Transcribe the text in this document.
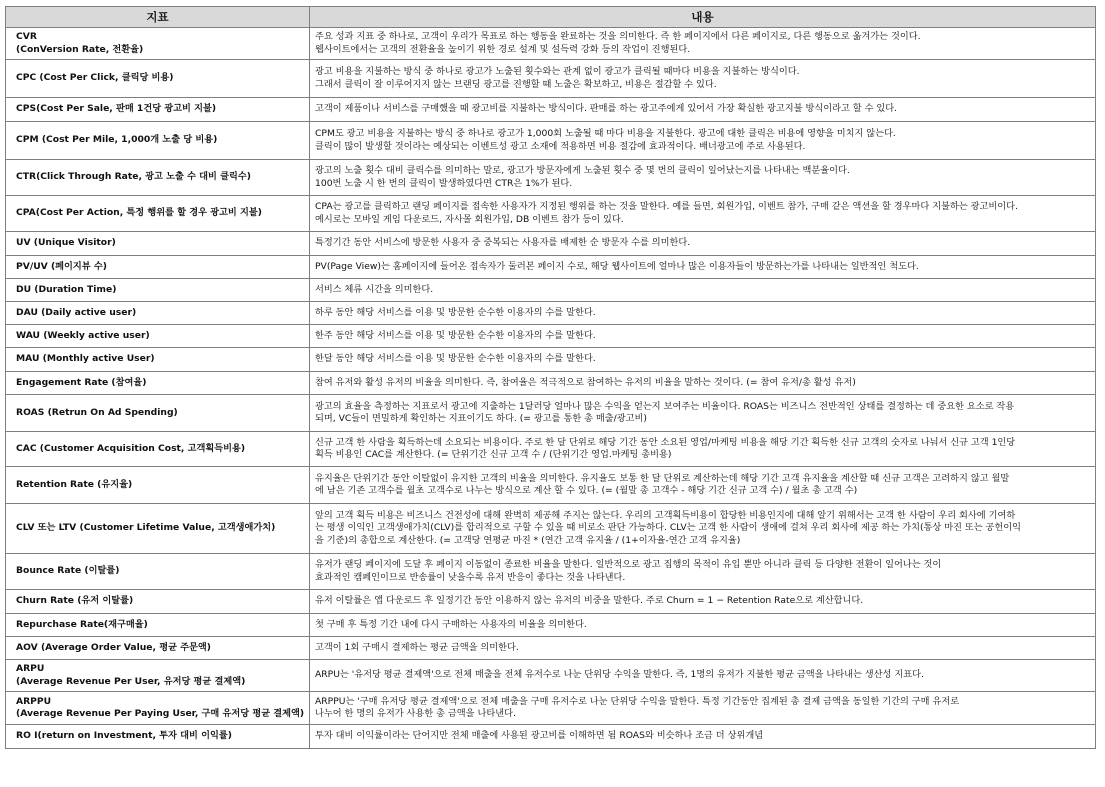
지표	내용

CVR
(ConVersion Rate, 전환율)	주요 성과 지표 중 하나로, 고객이 우리가 목표로 하는 행동을 완료하는 것을 의미한다. 즉 한 페이지에서 다른 페이지로, 다른 행동으로 옮겨가는 것이다.
웹사이트에서는 고객의 전환율을 높이기 위한 경로 설계 및 설득력 강화 등의 작업이 진행된다.

CPC (Cost Per Click, 클릭당 비용)	광고 비용을 지불하는 방식 중 하나로 광고가 노출된 횟수와는 관계 없이 광고가 클릭될 때마다 비용을 지불하는 방식이다.
그래서 클릭이 잘 이루어지지 않는 브랜딩 광고를 진행할 때 노출은 확보하고, 비용은 절감할 수 있다.

CPS(Cost Per Sale, 판매 1건당 광고비 지불)	고객이 제품이나 서비스를 구매했을 때 광고비를 지불하는 방식이다. 판매를 하는 광고주에게 있어서 가장 확실한 광고지불 방식이라고 할 수 있다.

CPM (Cost Per Mile, 1,000개 노출 당 비용)	CPM도 광고 비용을 지불하는 방식 중 하나로 광고가 1,000회 노출될 때 마다 비용을 지불한다. 광고에 대한 클릭은 비용에 영향을 미치지 않는다.
클릭이 많이 발생할 것이라는 예상되는 이벤트성 광고 소재에 적용하면 비용 절감에 효과적이다. 배너광고에 주로 사용된다.

CTR(Click Through Rate, 광고 노출 수 대비 클릭수)	광고의 노출 횟수 대비 클릭수를 의미하는 말로, 광고가 방문자에게 노출된 횟수 중 몇 번의 클릭이 일어났는지를 나타내는 백분율이다.
100번 노출 시 한 번의 클릭이 발생하였다면 CTR은 1%가 된다.

CPA(Cost Per Action, 특정 행위를 할 경우 광고비 지불)	CPA는 광고를 클릭하고 랜딩 페이지를 접속한 사용자가 지정된 행위를 하는 것을 말한다. 예를 들면, 회원가입, 이벤트 참가, 구매 같은 액션을 할 경우마다 지불하는 광고비이다.
예시로는 모바일 게임 다운로드, 자사몰 회원가입, DB 이벤트 참가 등이 있다.

UV (Unique Visitor)	특정기간 동안 서비스에 방문한 사용자 중 중복되는 사용자를 배제한 순 방문자 수를 의미한다.

PV/UV (페이지뷰 수)	PV(Page View)는 홈페이지에 들어온 접속자가 둘러본 페이지 수로, 해당 웹사이트에 얼마나 많은 이용자들이 방문하는가를 나타내는 일반적인 척도다.

DU (Duration Time)	서비스 체류 시간을 의미한다.

DAU (Daily active user)	하루 동안 해당 서비스를 이용 및 방문한 순수한 이용자의 수를 말한다.

WAU (Weekly active user)	한주 동안 해당 서비스를 이용 및 방문한 순수한 이용자의 수를 말한다.

MAU (Monthly active User)	한달 동안 해당 서비스를 이용 및 방문한 순수한 이용자의 수를 말한다.

Engagement Rate (참여율)	참여 유저와 활성 유저의 비율을 의미한다. 즉, 참여율은 적극적으로 참여하는 유저의 비율을 말하는 것이다. (= 참여 유저/총 활성 유저)

ROAS (Retrun On Ad Spending)	광고의 효율을 측정하는 지표로서 광고에 지출하는 1달러당 얼마나 많은 수익을 얻는지 보여주는 비율이다. ROAS는 비즈니스 전반적인 상태를 결정하는 데 중요한 요소로 작용
되며, VC들이 면밀하게 확인하는 지표이기도 하다. (= 광고를 통한 총 매출/광고비)

CAC (Customer Acquisition Cost, 고객획득비용)	신규 고객 한 사람을 획득하는데 소요되는 비용이다. 주로 한 달 단위로 해당 기간 동안 소요된 영업/마케팅 비용을 해당 기간 획득한 신규 고객의 숫자로 나눠서 신규 고객 1인당
획득 비용인 CAC를 계산한다. (= 단위기간 신규 고객 수 / (단위기간 영업.마케팅 총비용)

Retention Rate (유지율)	유지율은 단위기간 동안 이탈없이 유지한 고객의 비율을 의미한다. 유지율도 보통 한 달 단위로 계산하는데 해당 기간 고객 유지율을 계산할 때 신규 고객은 고려하지 않고 월말
에 남은 기존 고객수를 월초 고객수로 나누는 방식으로 계산 할 수 있다. (= (월말 총 고객수 - 해당 기간 신규 고객 수) / 월초 총 고객 수)

CLV 또는 LTV (Customer Lifetime Value, 고객생애가치)	앞의 고객 획득 비용은 비즈니스 건전성에 대해 완벽히 제공해 주지는 않는다. 우리의 고객획득비용이 합당한 비용인지에 대해 알기 위해서는 고객 한 사람이 우리 회사에 기여하
는 평생 이익인 고객생애가치(CLV)를 합리적으로 구할 수 있을 때 비로소 판단 가능하다. CLV는 고객 한 사람이 생애에 걸쳐 우리 회사에 제공 하는 가치(통상 마진 또는 공헌이익
을 기준)의 총합으로 계산한다. (= 고객당 연평균 마진 * (연간 고객 유지율 / (1+이자율-연간 고객 유지율)

Bounce Rate (이탈률)	유저가 랜딩 페이지에 도달 후 페이지 이동없이 종료한 비율을 말한다. 일반적으로 광고 집행의 목적이 유입 뿐만 아니라 클릭 등 다양한 전환이 일어나는 것이
효과적인 캠페인이므로 반송률이 낮을수록 유저 반응이 좋다는 것을 나타낸다.

Churn Rate (유저 이탈률)	유저 이탈률은 앱 다운로드 후 일정기간 동안 이용하지 않는 유저의 비중을 말한다. 주로 Churn = 1 − Retention Rate으로 계산합니다.

Repurchase Rate(재구매율)	첫 구매 후 특정 기간 내에 다시 구매하는 사용자의 비율을 의미한다.

AOV (Average Order Value, 평균 주문액)	고객이 1회 구매시 결제하는 평균 금액을 의미한다.

ARPU
(Average Revenue Per User, 유저당 평균 결제액)	ARPU는 '유저당 평균 결제액'으로 전체 매출을 전체 유저수로 나눈 단위당 수익을 말한다. 즉, 1명의 유저가 지불한 평균 금액을 나타내는 생산성 지표다.

ARPPU
(Average Revenue Per Paying User, 구매 유저당 평균 결제액)	ARPPU는 '구매 유저당 평균 결제액'으로 전체 매출을 구매 유저수로 나눈 단위당 수익을 말한다. 특정 기간동안 집계된 총 결제 금액을 동일한 기간의 구매 유저로
나누어 한 명의 유저가 사용한 총 금액을 나타낸다.

RO I(return on Investment, 투자 대비 이익률)	투자 대비 이익률이라는 단어지만 전체 매출에 사용된 광고비를 이해하면 됨 ROAS와 비슷하나 조금 더 상위개념
